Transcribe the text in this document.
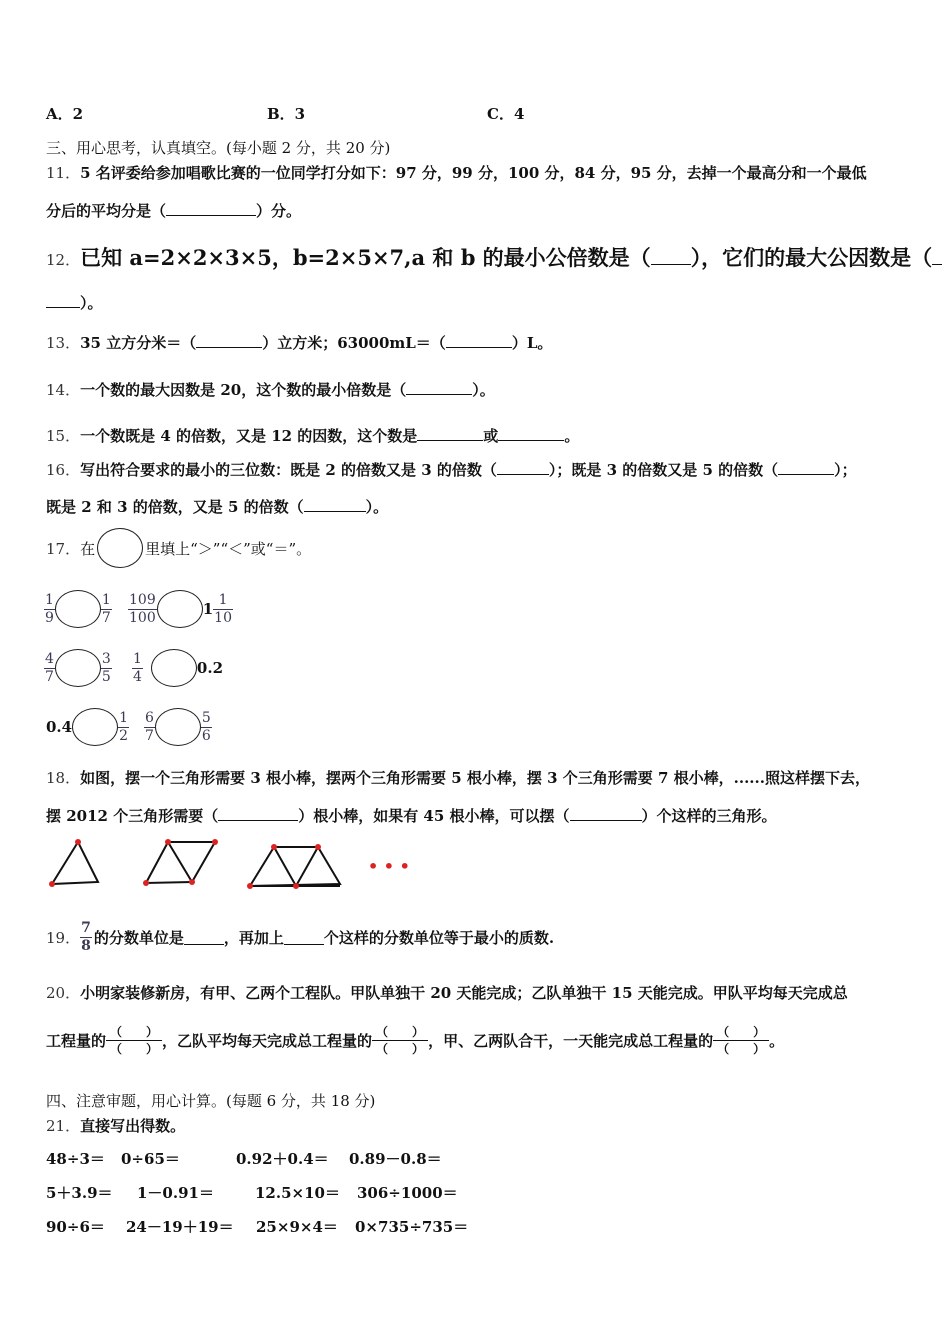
A．2	B．3	C．4
三、用心思考，认真填空。(每小题 2 分，共 20 分)
11．5 名评委给参加唱歌比赛的一位同学打分如下：97 分，99 分，100 分，84 分，95 分，去掉一个最高分和一个最低
分后的平均分是（	）分。
12．已知 a=2×2×3×5，b=2×5×7,a 和 b 的最小公倍数是（ ），它们的最大公因数是（
）。
13．35 立方分米＝（	）立方米；63000mL＝（	）L。
14．一个数的最大因数是 20，这个数的最小倍数是（	）。
15．一个数既是 4 的倍数，又是 12 的因数，这个数是	或	。
16．写出符合要求的最小的三位数：既是 2 的倍数又是 3 的倍数（	）；既是 3 的倍数又是 5 的倍数（	）；
既是 2 和 3 的倍数，又是 5 的倍数（	）。
17． 在	里填上“＞”“＜”或“＝”。
$\frac{1}{9}$	$\frac{1}{7} \frac{109}{100}$	$1 \frac{1}{10}$
$\frac{4}{7}$	$\frac{3}{5} \frac{1}{4}$	0.2
0.4	$\frac{1}{2} \frac{6}{7}$	$\frac{5}{6}$
18．如图，摆一个三角形需要 3 根小棒，摆两个三角形需要 5 根小棒，摆 3 个三角形需要 7 根小棒，......照这样摆下去，
摆 2012 个三角形需要（	）根小棒，如果有 45 根小棒，可以摆（	）个这样的三角形。
• • •
19． $\frac{7}{8}$ 的分数单位是	，再加上	个这样的分数单位等于最小的质数.
20．小明家装修新房，有甲、乙两个工程队。甲队单独干 20 天能完成；乙队单独干 15 天能完成。甲队平均每天完成总
工程量的 （　　）
（　　） ，乙队平均每天完成总工程量的 （　　）
（　　） ，甲、乙两队合干，一天能完成总工程量的 （　　）
（　　） 。
四、注意审题，用心计算。(每题 6 分，共 18 分)
21．直接写出得数。
48÷3＝ 0÷65＝	0.92＋0.4＝ 0.89－0.8＝
5＋3.9＝ 1－0.91＝	12.5×10＝ 306÷1000＝
90÷6＝ 24－19＋19＝ 25×9×4＝ 0×735÷735＝
